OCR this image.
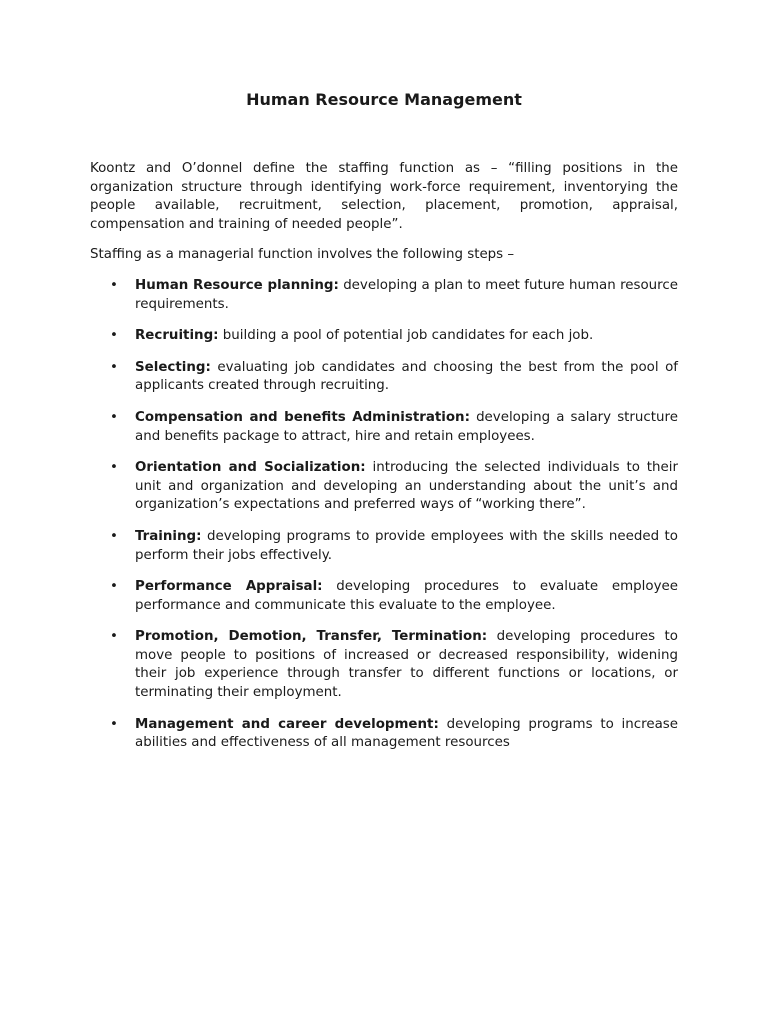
Human Resource Management

Koontz and O’donnel define the staffing function as – “filling positions in the organization structure through identifying work-force requirement, inventorying the people available, recruitment, selection, placement, promotion, appraisal, compensation and training of needed people”.

Staffing as a managerial function involves the following steps –

• Human Resource planning: developing a plan to meet future human resource requirements.
• Recruiting: building a pool of potential job candidates for each job.
• Selecting: evaluating job candidates and choosing the best from the pool of applicants created through recruiting.
• Compensation and benefits Administration: developing a salary structure and benefits package to attract, hire and retain employees.
• Orientation and Socialization: introducing the selected individuals to their unit and organization and developing an understanding about the unit’s and organization’s expectations and preferred ways of “working there”.
• Training: developing programs to provide employees with the skills needed to perform their jobs effectively.
• Performance Appraisal: developing procedures to evaluate employee performance and communicate this evaluate to the employee.
• Promotion, Demotion, Transfer, Termination: developing procedures to move people to positions of increased or decreased responsibility, widening their job experience through transfer to different functions or locations, or terminating their employment.
• Management and career development: developing programs to increase abilities and effectiveness of all management resources
